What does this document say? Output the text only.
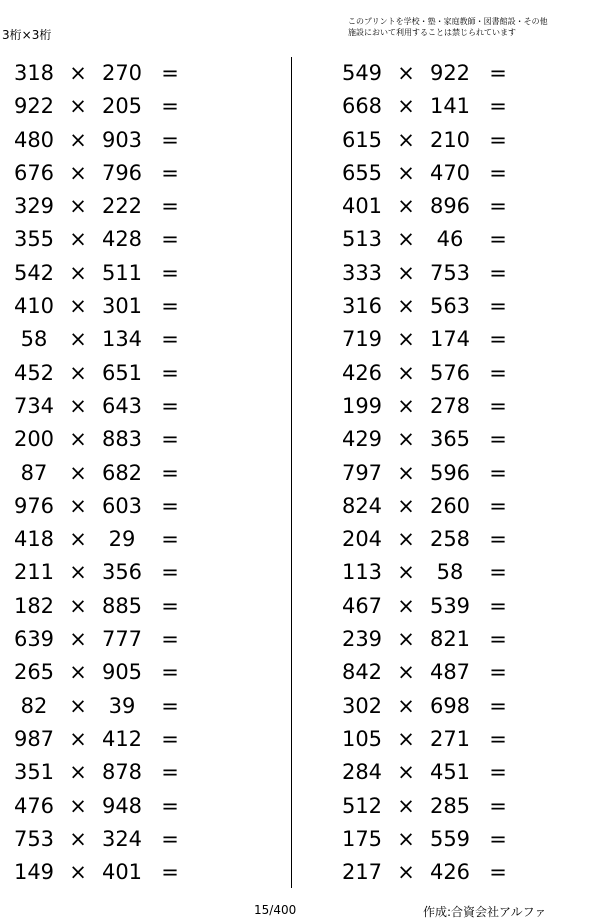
3桁×3桁
このプリントを学校・塾・家庭教師・図書館設・その他
施設において利用することは禁じられています
318 × 270 =
922 × 205 =
480 × 903 =
676 × 796 =
329 × 222 =
355 × 428 =
542 × 511 =
410 × 301 =
58	× 134 =
452 × 651 =
734 × 643 =
200 × 883 =
87	× 682 =
976 × 603 =
418 ×	29	=
211 × 356 =
182 × 885 =
639 × 777 =
265 × 905 =
82	×	39	=
987 × 412 =
351 × 878 =
476 × 948 =
753 × 324 =
149 × 401 =
549 × 922 =
668 × 141 =
615 × 210 =
655 × 470 =
401 × 896 =
513 ×	46	=
333 × 753 =
316 × 563 =
719 × 174 =
426 × 576 =
199 × 278 =
429 × 365 =
797 × 596 =
824 × 260 =
204 × 258 =
113 ×	58	=
467 × 539 =
239 × 821 =
842 × 487 =
302 × 698 =
105 × 271 =
284 × 451 =
512 × 285 =
175 × 559 =
217 × 426 =
15/400	作成:合資会社アルファ
